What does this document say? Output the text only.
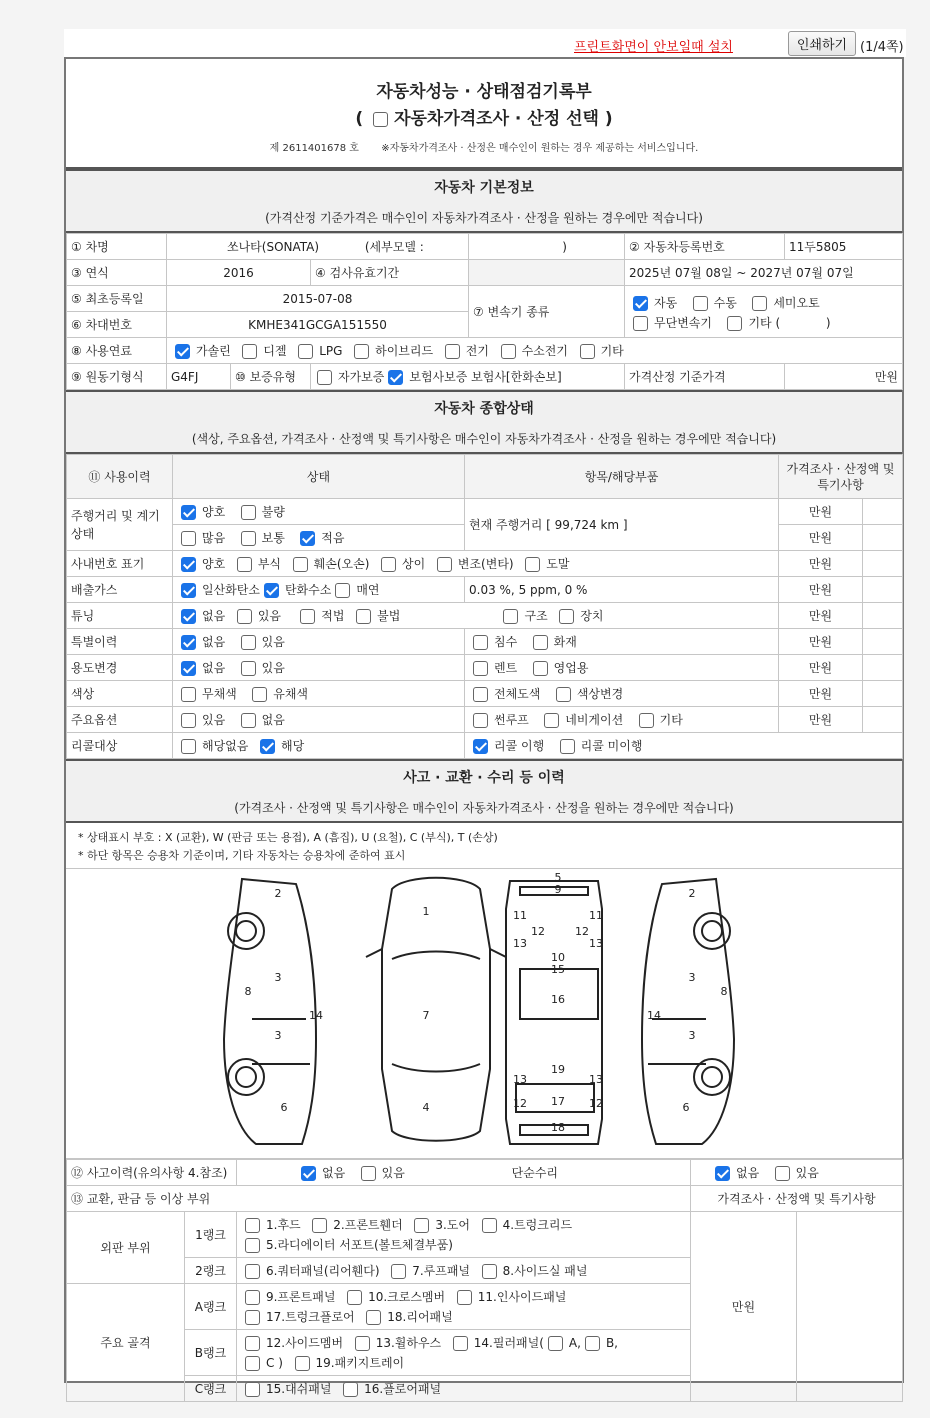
프린트화면이 안보일때 설치	인쇄하기 (1/4쪽)
자동차성능 · 상태점검기록부
( 자동차가격조사 · 산정 선택 )
제 2611401678 호 ※자동차가격조사 · 산정은 매수인이 원하는 경우 제공하는 서비스입니다.
자동차 기본정보
(가격산정 기준가격은 매수인이 자동차가격조사 · 산정을 원하는 경우에만 적습니다)
① 차명	쏘나타(SONATA) (세부모델 :			)	② 자동차등록번호	11두5805
③ 연식	2016		④ 검사유효기간		2025년 07월 08일 ~ 2027년 07월 07일	
⑤ 최초등록일	2015-07-08			⑦ 변속기 종류	자동 수동 세미오토
무단변속기 기타 ( )	
⑥ 차대번호	KMHE341GCGA151550					
⑧ 사용연료	가솔린 디젤 LPG 하이브리드 전기 수소전기 기타					
⑨ 원동기형식	G4FJ	⑩ 보증유형	자가보증 보험사보증 보험사[한화손보]		가격산정 기준가격	만원
자동차 종합상태
(색상, 주요옵션, 가격조사 · 산정액 및 특기사항은 매수인이 자동차가격조사 · 산정을 원하는 경우에만 적습니다)
⑪ 사용이력	상태	항목/해당부품	가격조사 · 산정액 및 특기사항	
주행거리 및 계기상태	양호 불량	현재 주행거리 [ 99,724 km ]	만원	
	많음 보통 적음		만원	
사내번호 표기	양호 부식 훼손(오손) 상이 변조(변타) 도말		만원	
배출가스	일산화탄소 탄화수소 매연	0.03 %, 5 ppm, 0 %	만원	
튜닝	없음 있음 적법 불법 구조 장치		만원	
특별이력	없음 있음	침수 화재	만원	
용도변경	없음 있음	렌트 영업용	만원	
색상	무채색 유채색	전체도색 색상변경	만원	
주요옵션	있음 없음	썬루프 네비게이션 기타	만원	
리콜대상	해당없음 해당	리콜 이행 리콜 미이행		
사고 · 교환 · 수리 등 이력
(가격조사 · 산정액 및 특기사항은 매수인이 자동차가격조사 · 산정을 원하는 경우에만 적습니다)
* 상태표시 부호 : X (교환), W (판금 또는 용접), A (흠집), U (요철), C (부식), T (손상)
* 하단 항목은 승용차 기준이며, 기타 자동차는 승용차에 준하여 표시
1
2
3
3
4
5
6
7
8
9
10
11	11
12	12
12	12
13	13
13	13
14	14
15
16
17
18
19
2
3
3
6
8
⑫ 사고이력(유의사항 4.참조)		없음 있음 단순수리	없음 있음	
⑬ 교환, 판금 등 이상 부위			가격조사 · 산정액 및 특기사항	
외판 부위	1랭크	1.후드 2.프론트휀더 3.도어 4.트렁크리드
5.라디에이터 서포트(볼트체결부품)	만원	
	2랭크	6.쿼터패널(리어휀다) 7.루프패널 8.사이드실 패널		
주요 골격	A랭크	9.프론트패널 10.크로스멤버 11.인사이드패널
17.트렁크플로어 18.리어패널		
	B랭크	12.사이드멤버 13.휠하우스 14.필러패널( A, B,
C ) 19.패키지트레이		
	C랭크	15.대쉬패널 16.플로어패널		
